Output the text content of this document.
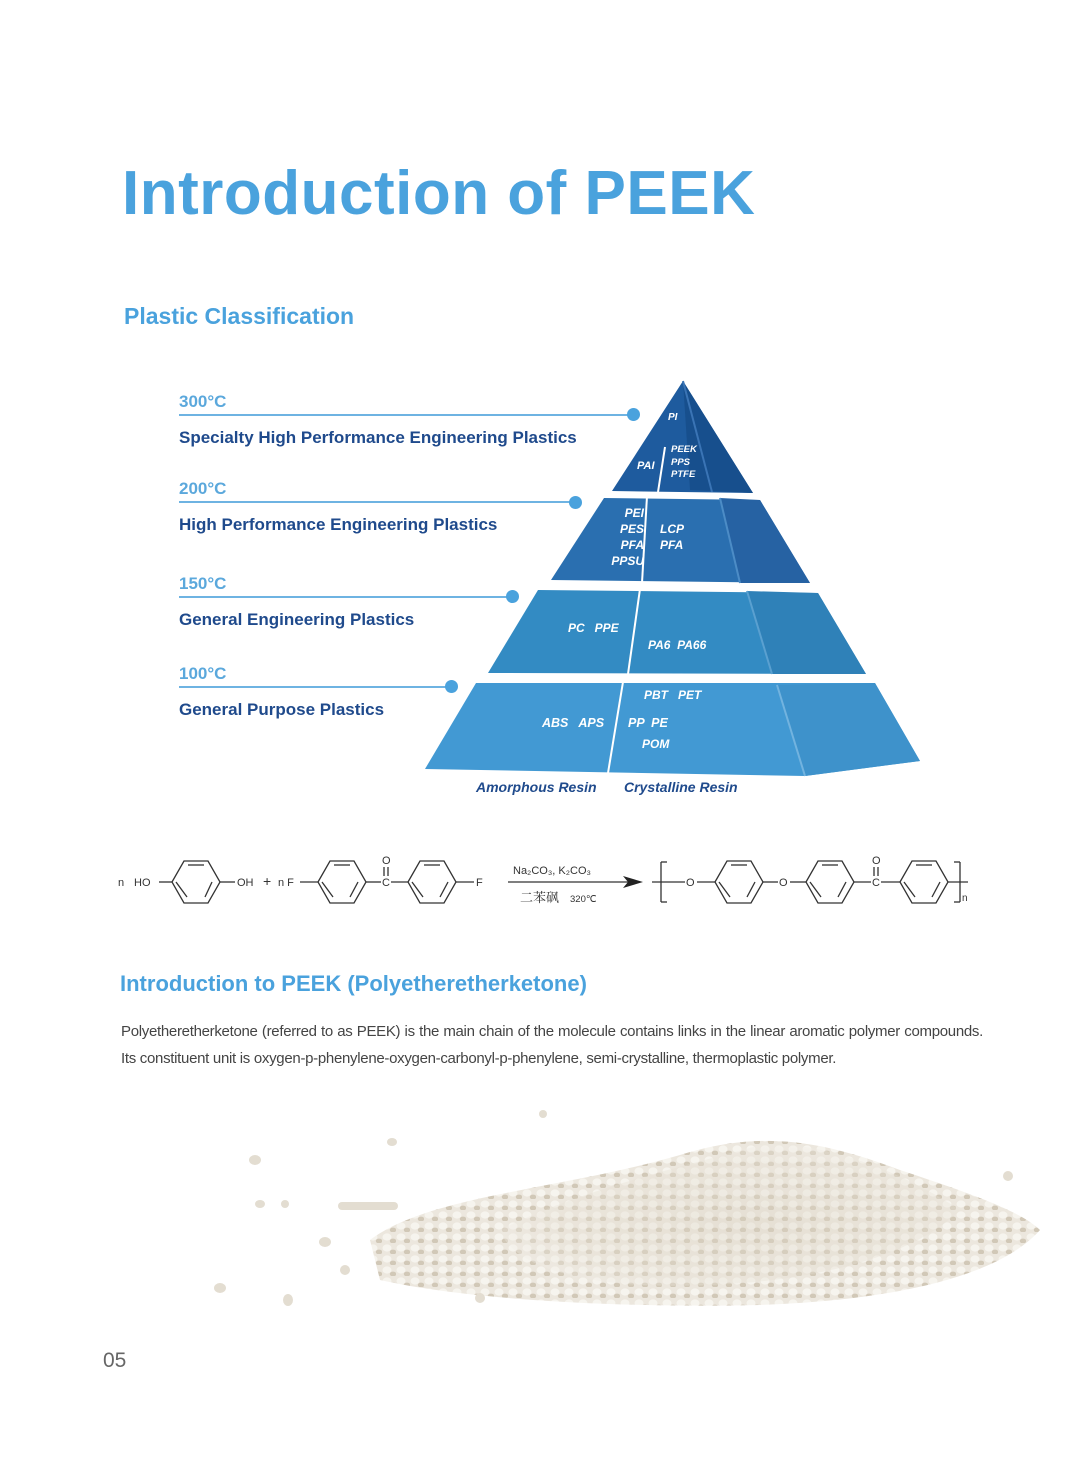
Introduction of PEEK
Plastic Classification
300°C
Specialty High Performance Engineering Plastics
200°C
High Performance Engineering Plastics
150°C
General Engineering Plastics
100°C
General Purpose Plastics
PI
PAI
PEEK
PPS
PTFE
PEI
PES
PFA
PPSU
LCP
PFA
PC   PPE

PA6  PA66

PBT   PET

POM

ABS   APS PP  PE
Amorphous Resin Crystalline Resin
n HO	OH + n F	C
O
F
Na₂CO₃, K₂CO₃
二苯砜 320℃
O	O	C
O
n
Introduction to PEEK (Polyetheretherketone)
Polyetheretherketone (referred to as PEEK) is the main chain of the molecule contains links in the linear aromatic polymer compounds. Its constituent unit is oxygen-p-phenylene-oxygen-carbonyl-p-phenylene, semi-crystalline, thermoplastic polymer.
05
